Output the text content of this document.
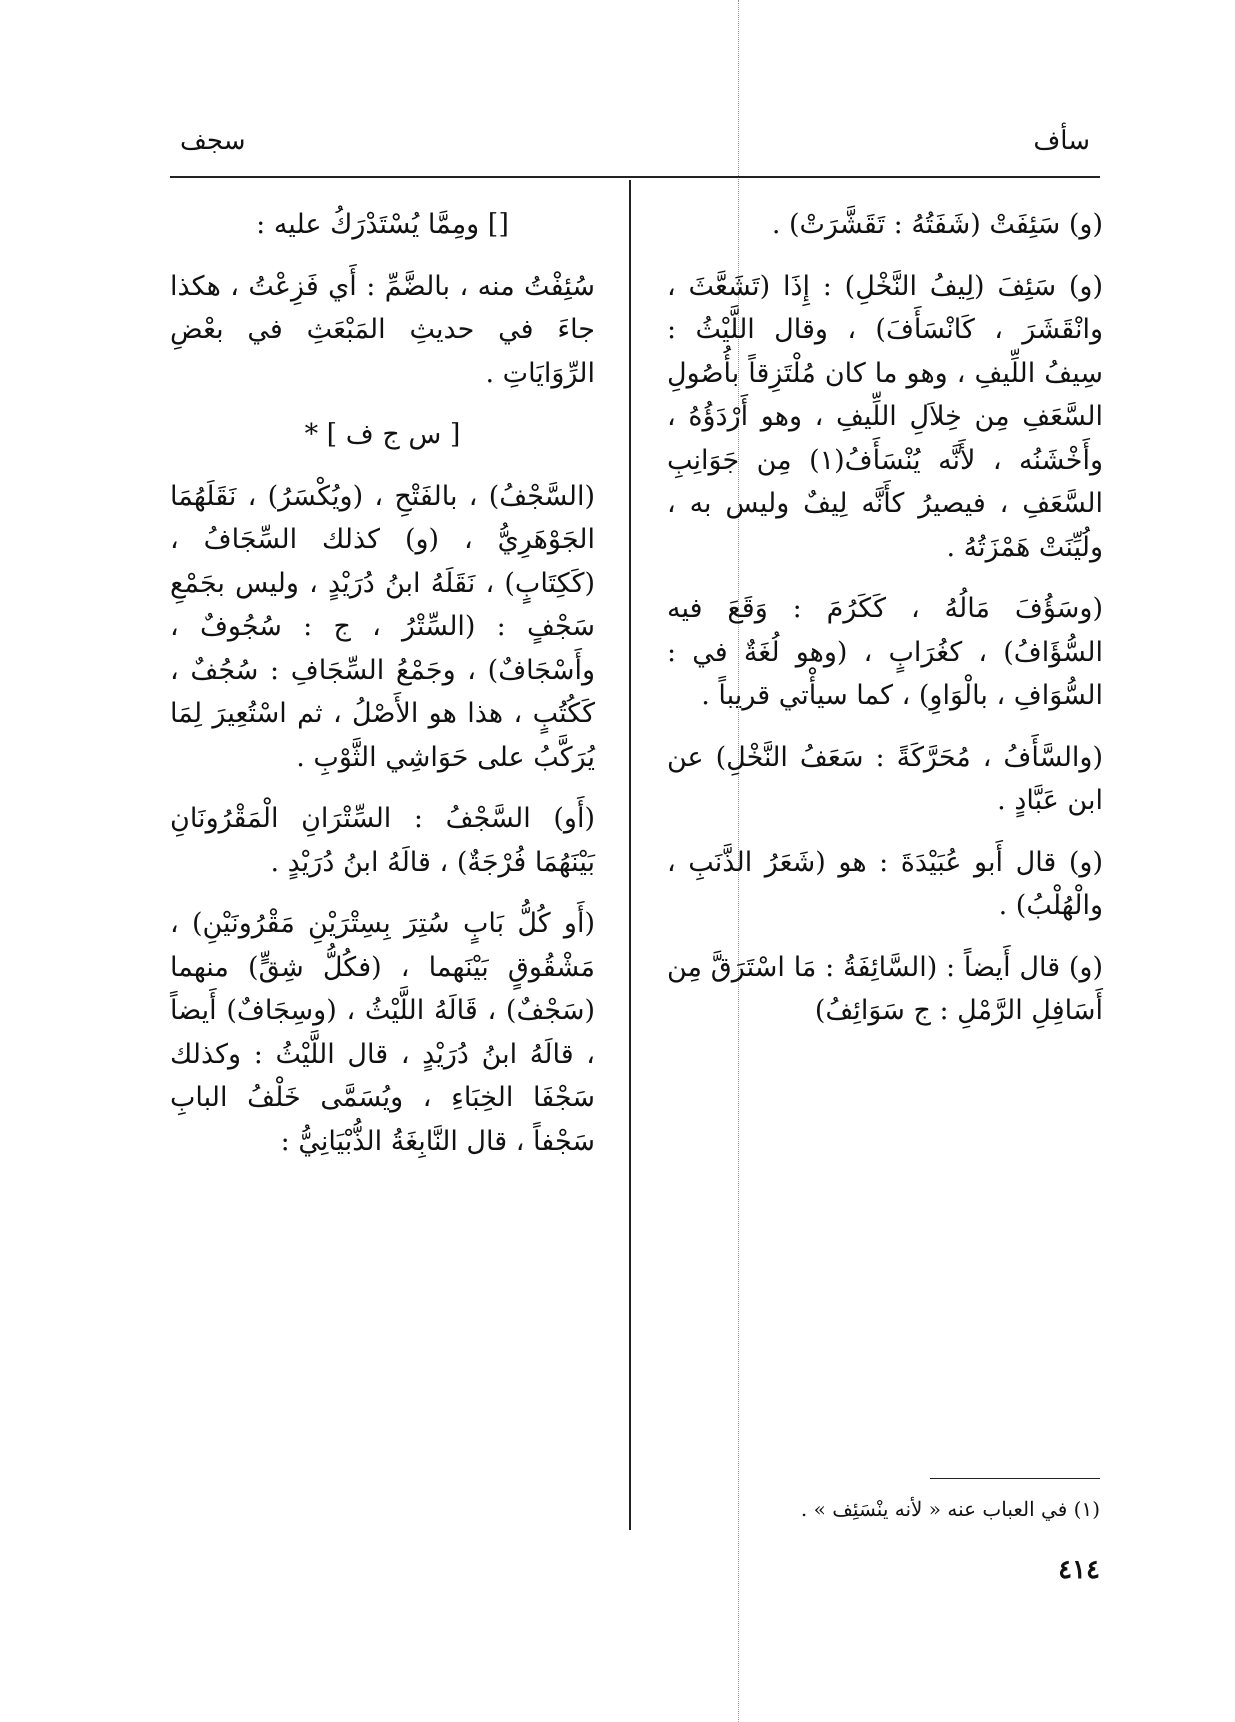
سأف
سجف

(و) سَئِفَتْ (شَفَتُهُ : تَقَشَّرَتْ) .

(و) سَئِفَ (لِيفُ النَّخْلِ) : إِذَا (تَشَعَّثَ ، وانْقَشَرَ ، كَانْسَأَفَ) ، وقال اللَّيْثُ : سِيفُ اللِّيفِ ، وهو ما كان مُلْتَزِقاً بأُصُولِ السَّعَفِ مِن خِلاَلِ اللِّيفِ ، وهو أَرْدَؤُهُ ، وأَخْشَنُه ، لأَنَّه يُنْسَأَفُ(١) مِن جَوَانِبِ السَّعَفِ ، فيصيرُ كأَنَّه لِيفٌ وليس به ، ولُيِّنَتْ هَمْزَتُهُ .

(وسَؤُفَ مَالُهُ ، كَكَرُمَ : وَقَعَ فيه السُّؤَافُ) ، كغُرَابٍ ، (وهو لُغَةٌ في : السُّوَافِ ، بالْوَاوِ) ، كما سيأْتي قريباً .

(والسَّأَفُ ، مُحَرَّكَةً : سَعَفُ النَّخْلِ) عن ابن عَبَّادٍ .

(و) قال أَبو عُبَيْدَةَ : هو (شَعَرُ الذَّنَبِ ، والْهُلْبُ) .

(و) قال أَيضاً : (السَّائِفَةُ : مَا اسْتَرَقَّ مِن أَسَافِلِ الرَّمْلِ : ج سَوَائِفُ)

[] ومِمَّا يُسْتَدْرَكُ عليه :

سُئِفْتُ منه ، بالضَّمِّ : أَي فَزِعْتُ ، هكذا جاءَ في حديثِ المَبْعَثِ في بعْضِ الرِّوَايَاتِ .

[ س ج ف ] *

(السَّجْفُ) ، بالفَتْحِ ، (ويُكْسَرُ) ، نَقَلَهُمَا الجَوْهَرِيُّ ، (و) كذلك السِّجَافُ ، (كَكِتَابٍ) ، نَقَلَهُ ابنُ دُرَيْدٍ ، وليس بجَمْعِ سَجْفٍ : (السِّتْرُ ، ج : سُجُوفٌ ، وأَسْجَافٌ) ، وجَمْعُ السِّجَافِ : سُجُفٌ ، كَكُتُبٍ ، هذا هو الأَصْلُ ، ثم اسْتُعِيرَ لِمَا يُرَكَّبُ على حَوَاشِي الثَّوْبِ .

(أَو) السَّجْفُ : السِّتْرَانِ الْمَقْرُونَانِ بَيْنَهُمَا فُرْجَةٌ) ، قالَهُ ابنُ دُرَيْدٍ .

(أَو كُلُّ بَابٍ سُتِرَ بِسِتْرَيْنِ مَقْرُونَيْنِ) ، مَشْقُوقٍ بَيْنَهما ، (فكُلُّ شِقٍّ) منهما (سَجْفٌ) ، قَالَهُ اللَّيْثُ ، (وسِجَافٌ) أَيضاً ، قالَهُ ابنُ دُرَيْدٍ ، قال اللَّيْثُ : وكذلك سَجْفَا الخِبَاءِ ، ويُسَمَّى خَلْفُ البابِ سَجْفاً ، قال النَّابِغَةُ الذُّبْيَانِيُّ :

(١) في العباب عنه « لأنه ينْسَئِف » .
٤١٤
